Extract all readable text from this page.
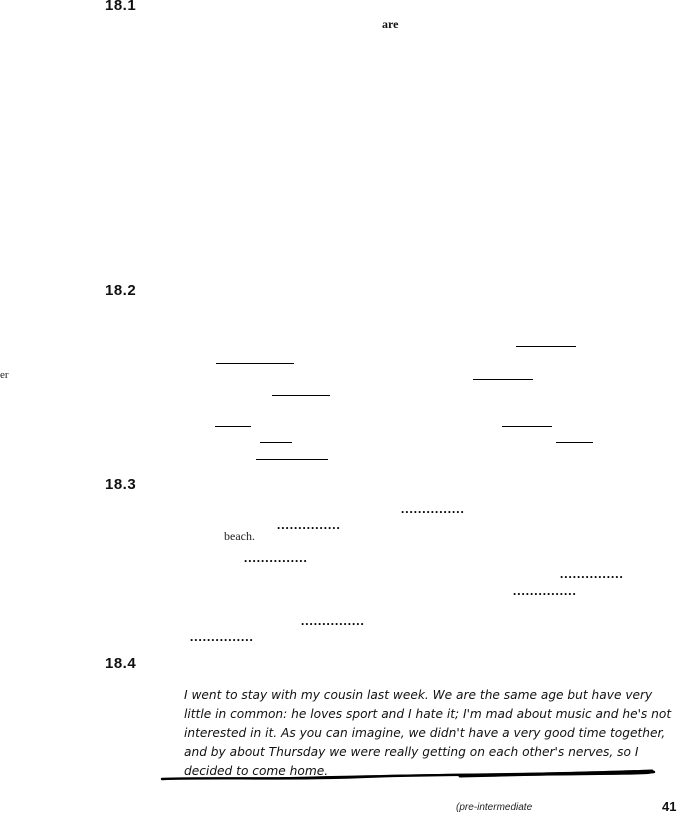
18.1
are
18.2
er
18.3
...............
...............
beach.
...............
...............
...............
...............
...............
18.4
I went to stay with my cousin last week. We are the same age but have very
little in common: he loves sport and I hate it; I'm mad about music and he's not
interested in it. As you can imagine, we didn't have a very good time together,
and by about Thursday we were really getting on each other's nerves, so I
decided to come home.
(pre-intermediate	41
